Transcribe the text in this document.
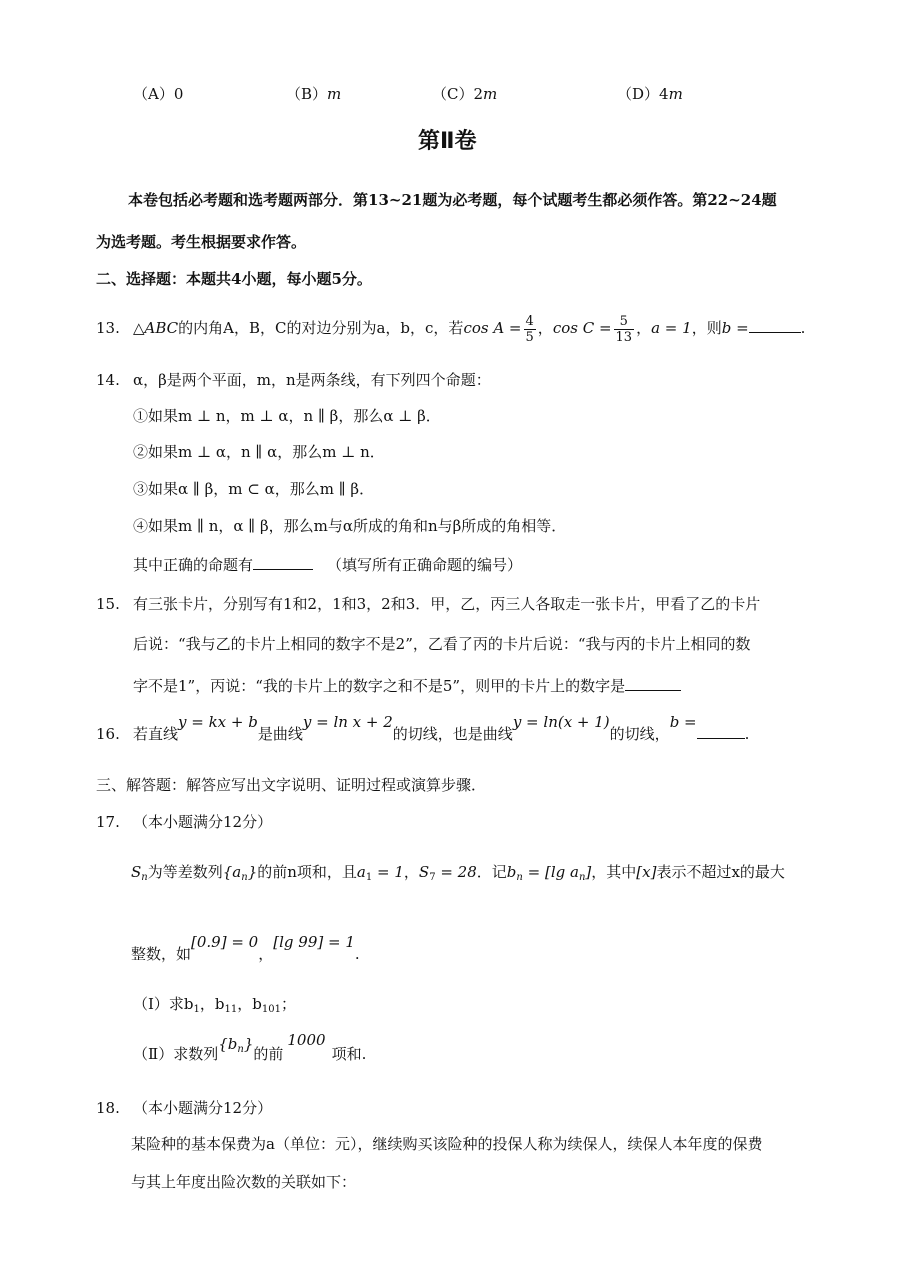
（A）0	（B）m	（C）2m	（D）4m
第Ⅱ卷
本卷包括必考题和选考题两部分．第13~21题为必考题，每个试题考生都必须作答。第22~24题
为选考题。考生根据要求作答。
二、选择题：本题共4小题，每小题5分。
13. △ABC的内角A，B，C的对边分别为a，b，c，若$\cos A = \frac{4}{5}$ ，$\cos C = \frac{5}{13}$ ，a = 1，则b =	.
14. α，β是两个平面，m，n是两条线，有下列四个命题：
①如果m ⊥ n，m ⊥ α，n ∥ β，那么α ⊥ β．
②如果m ⊥ α，n ∥ α，那么m ⊥ n．
③如果α ∥ β，m ⊂ α，那么m ∥ β．
④如果m ∥ n，α ∥ β，那么m与α所成的角和n与β所成的角相等．
其中正确的命题有	（填写所有正确命题的编号）
15. 有三张卡片，分别写有1和2，1和3，2和3．甲，乙，丙三人各取走一张卡片，甲看了乙的卡片
后说：“我与乙的卡片上相同的数字不是2”，乙看了丙的卡片后说：“我与丙的卡片上相同的数
字不是1”，丙说：“我的卡片上的数字之和不是5”，则甲的卡片上的数字是
16. 若直线y = kx + b是曲线y = ln x + 2的切线，也是曲线y = ln(x + 1)的切线，b =.
三、解答题：解答应写出文字说明、证明过程或演算步骤．
17. （本小题满分12分）
$S_n$为等差数列$\{a_n\}$的前n项和，且$a_1 = 1$，$S_7 = 28$．记$b_n = [\lg$ $a_n$]，其中[x]表示不超过x的最大
整数，如[0.9] = 0，[lg 99] = 1.
（Ⅰ）求$b_1$，$b_{11}$，$b_{101}$；
（Ⅱ）求数列$\{b^n\}$的前1000项和.
18. （本小题满分12分）
某险种的基本保费为a（单位：元），继续购买该险种的投保人称为续保人，续保人本年度的保费
与其上年度出险次数的关联如下：
